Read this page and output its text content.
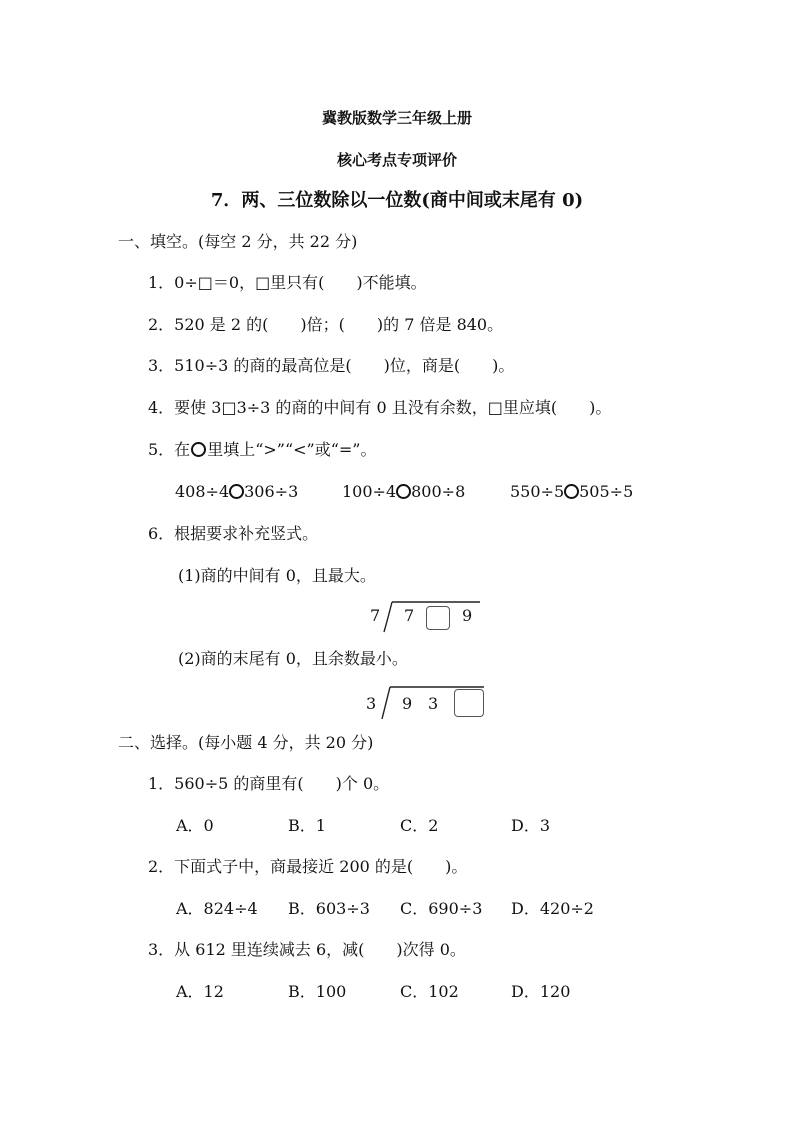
冀教版数学三年级上册
核心考点专项评价
7．两、三位数除以一位数(商中间或末尾有 0)
一、填空。(每空 2 分，共 22 分)
1．0÷□＝0，□里只有(　　)不能填。
2．520 是 2 的(　　)倍；(　　)的 7 倍是 840。
3．510÷3 的商的最高位是(　　)位，商是(　　)。
4．要使 3□3÷3 的商的中间有 0 且没有余数，□里应填(　　)。
5．在 里填上“>”“<”或“=”。
408÷4 306÷3	100÷4 800÷8	550÷5 505÷5
6．根据要求补充竖式。
(1)商的中间有 0，且最大。
7 7	9
(2)商的末尾有 0，且余数最小。
3 9 3
二、选择。(每小题 4 分，共 20 分)
1．560÷5 的商里有(　　)个 0。
A．0	B．1	C．2	D．3
2．下面式子中，商最接近 200 的是(　　)。
A．824÷4 B．603÷3 C．690÷3 D．420÷2
3．从 612 里连续减去 6，减(　　)次得 0。
A．12	B．100	C．102	D．120
